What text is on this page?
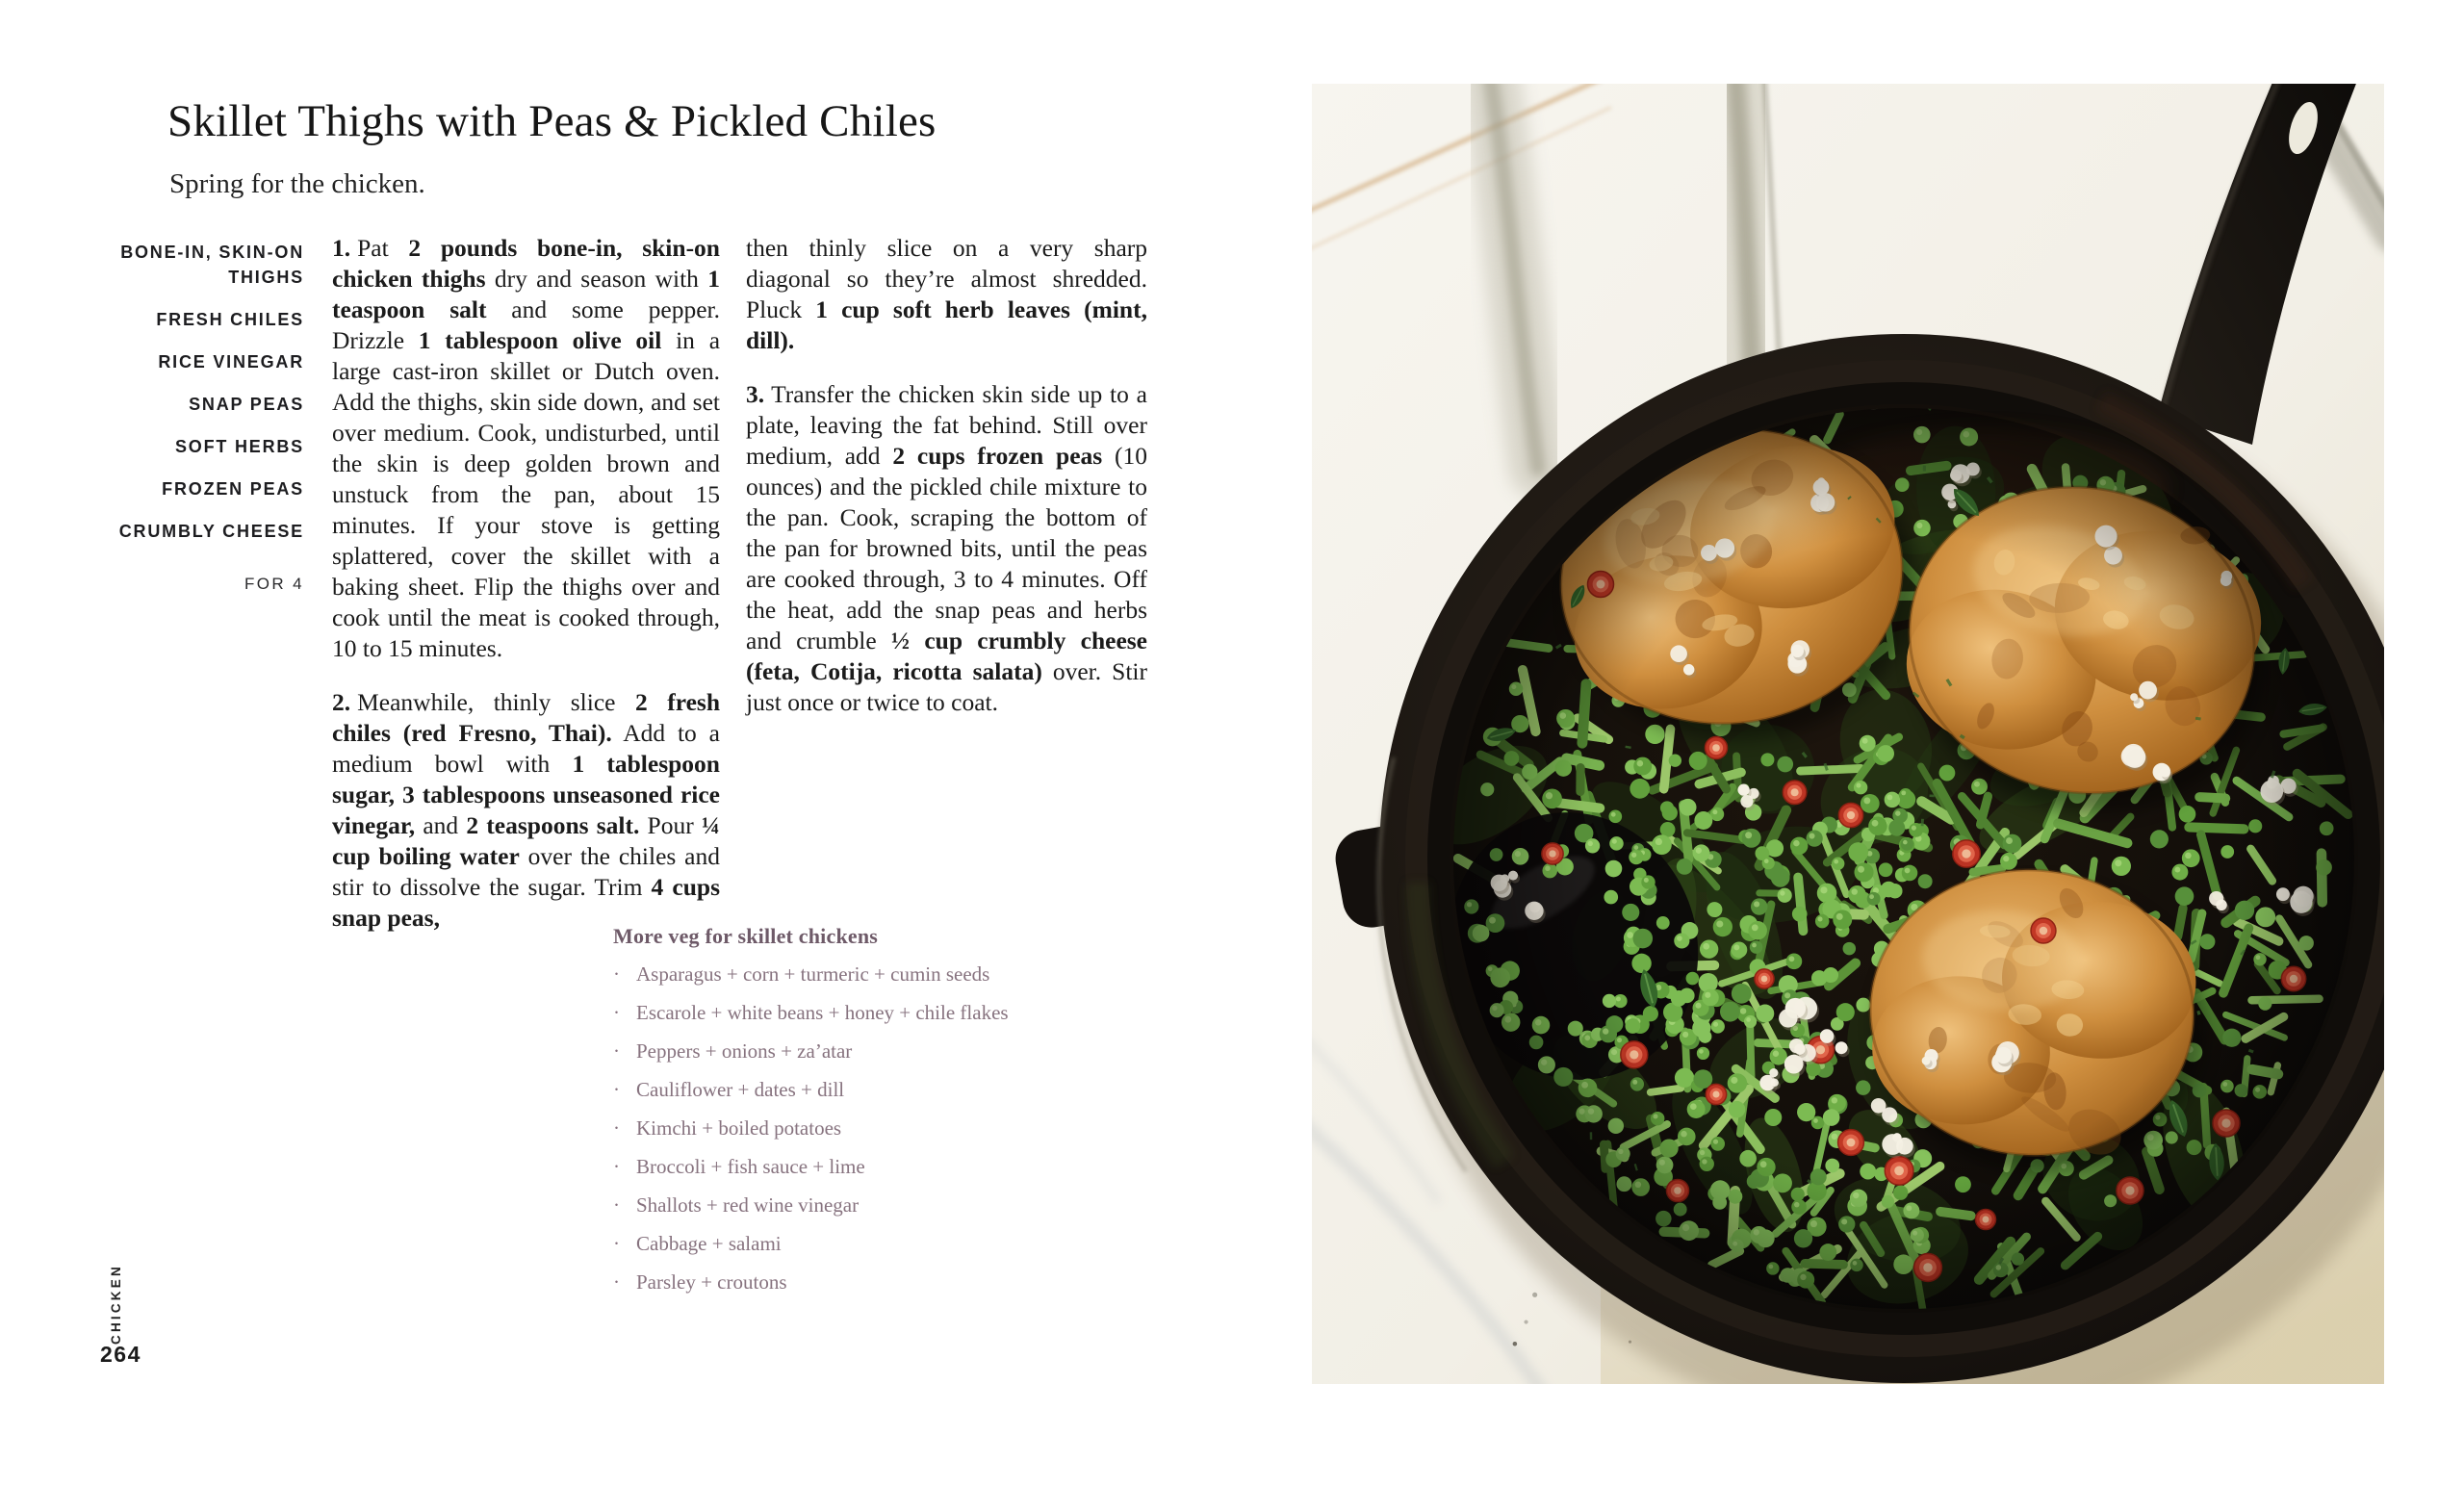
Skillet Thighs with Peas & Pickled Chiles

Spring for the chicken.

BONE-IN, SKIN-ON THIGHS
FRESH CHILES
RICE VINEGAR
SNAP PEAS
SOFT HERBS
FROZEN PEAS
CRUMBLY CHEESE
FOR 4

1. Pat 2 pounds bone-in, skin-on chicken thighs dry and season with 1 teaspoon salt and some pepper. Drizzle 1 tablespoon olive oil in a large cast-iron skillet or Dutch oven. Add the thighs, skin side down, and set over medium. Cook, undisturbed, until the skin is deep golden brown and unstuck from the pan, about 15 minutes. If your stove is getting splattered, cover the skillet with a baking sheet. Flip the thighs over and cook until the meat is cooked through, 10 to 15 minutes.

2. Meanwhile, thinly slice 2 fresh chiles (red Fresno, Thai). Add to a medium bowl with 1 tablespoon sugar, 3 tablespoons unseasoned rice vinegar, and 2 teaspoons salt. Pour ¼ cup boiling water over the chiles and stir to dissolve the sugar. Trim 4 cups snap peas,

then thinly slice on a very sharp diagonal so they’re almost shredded. Pluck 1 cup soft herb leaves (mint, dill).

3. Transfer the chicken skin side up to a plate, leaving the fat behind. Still over medium, add 2 cups frozen peas (10 ounces) and the pickled chile mixture to the pan. Cook, scraping the bottom of the pan for browned bits, until the peas are cooked through, 3 to 4 minutes. Off the heat, add the snap peas and herbs and crumble ½ cup crumbly cheese (feta, Cotija, ricotta salata) over. Stir just once or twice to coat.

More veg for skillet chickens
· Asparagus + corn + turmeric + cumin seeds
· Escarole + white beans + honey + chile flakes
· Peppers + onions + za’atar
· Cauliflower + dates + dill
· Kimchi + boiled potatoes
· Broccoli + fish sauce + lime
· Shallots + red wine vinegar
· Cabbage + salami
· Parsley + croutons
CHICKEN
264
